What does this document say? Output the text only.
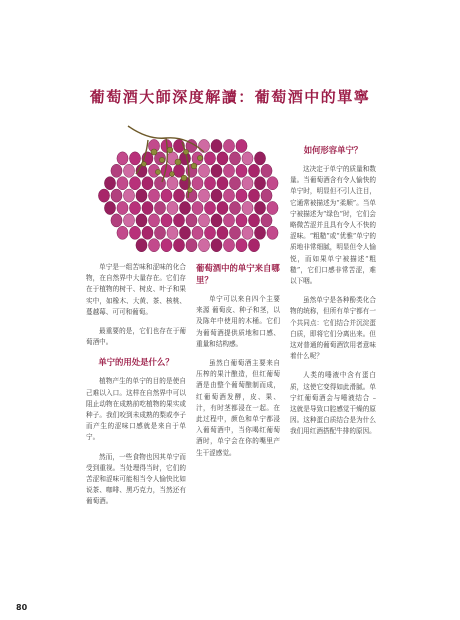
葡萄酒大師深度解讀：葡萄酒中的單寧

单宁是一组苦味和涩味的化合物，在自然界中大量存在。它们存在于植物的树干、树皮、叶子和果实中，如橡木、大黄、茶、核桃、蔓越莓、可可和葡萄。

最重要的是，它们也存在于葡萄酒中。

单宁的用处是什么？

植物产生的单宁的目的是使自己难以入口。这样在自然界中可以阻止动物在成熟前吃植物的果实或种子。我们咬到未成熟的梨或李子而产生的涩味口感就是来自于单宁。

然而，一些食物也因其单宁而受到重视。当处理得当时，它们的苦涩和涩味可能相当令人愉快比如说茶、咖啡、黑巧克力，当然还有葡萄酒。

葡萄酒中的单宁来自哪里？

单宁可以来自四个主要来源 葡萄皮、种子和茎，以及陈年中使用的木桶。它们为葡萄酒提供质地和口感、重量和结构感。

虽然白葡萄酒主要来自压榨的果汁酿造，但红葡萄酒是由整个葡萄酿制而成，红葡萄酒发酵，皮、果、汁，有时茎都浸在一起。在此过程中，颜色和单宁都浸入葡萄酒中，当你喝红葡萄酒时，单宁会在你的嘴里产生干涩感觉。

如何形容单宁？

这决定于单宁的质量和数量。当葡萄酒含有令人愉快的单宁时，明显但不引人注目，它通常被描述为“柔顺”。当单宁被描述为“绿色”时，它们会略微苦涩并且具有令人不快的涩味。“粗糙”或“优雅”单宁的质地非常细腻，明显但令人愉悦，而如果单宁被描述“粗糙”，它们口感非常苦涩，难以下咽。

虽然单宁是各种酚类化合物的统称，但所有单宁都有一个共同点：它们结合并沉淀蛋白质，即将它们分离出来。但这对普通的葡萄酒饮用者意味着什么呢？

人类的唾液中含有蛋白质，这使它变得如此滑腻。单宁红葡萄酒会与唾液结合 – 这就是导致口腔感觉干燥的原因。这种蛋白质结合是为什么我们用红酒搭配牛排的原因。

80
